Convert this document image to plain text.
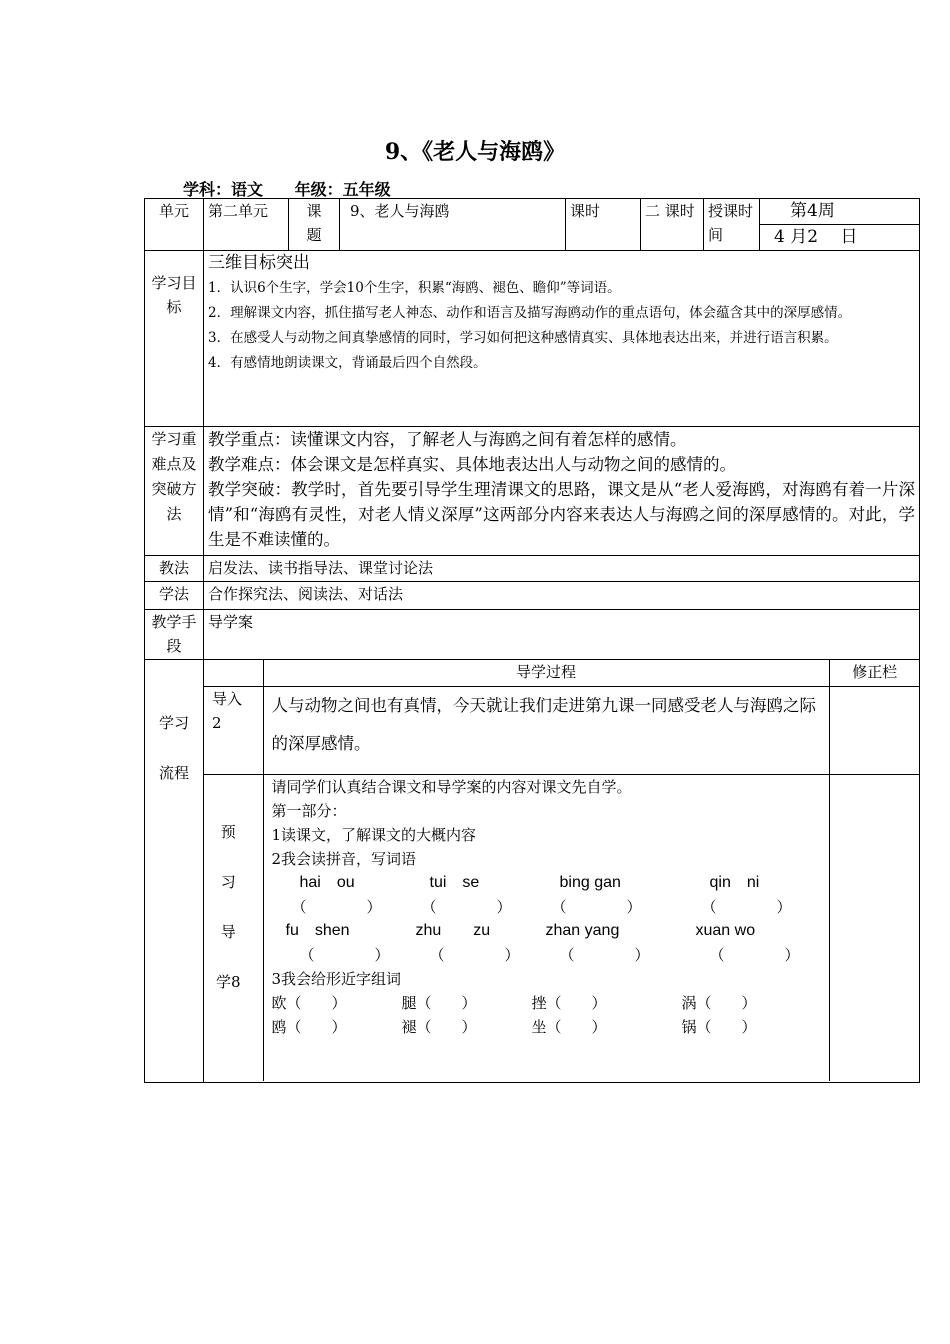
9、《老人与海鸥》
学科：语文 年级：五年级
单元	第二单元	课题	9、老人与海鸥	课时	二 课时	授课时间	
第4周
4 月2　 日

学习目标	
三维目标突出
1．认识6个生字，学会10个生字，积累“海鸥、褪色、瞻仰”等词语。
2．理解课文内容，抓住描写老人神态、动作和语言及描写海鸥动作的重点语句，体会蕴含其中的深厚感情。
3．在感受人与动物之间真挚感情的同时，学习如何把这种感情真实、具体地表达出来，并进行语言积累。
4．有感情地朗读课文，背诵最后四个自然段。

学习重难点及突破方法	
教学重点：读懂课文内容，了解老人与海鸥之间有着怎样的感情。
教学难点：体会课文是怎样真实、具体地表达出人与动物之间的感情的。
教学突破：教学时，首先要引导学生理清课文的思路，课文是从“老人爱海鸥，对海鸥有着一片深情”和“海鸥有灵性，对老人情义深厚”这两部分内容来表达人与海鸥之间的深厚感情的。对此，学生是不难读懂的。

教法	启发法、读书指导法、课堂讨论法
学法	合作探究法、阅读法、对话法
教学手段	导学案
学习流程	
	导学过程	修正栏
导入2	人与动物之间也有真情，今天就让我们走进第九课一同感受老人与海鸥之际的深厚感情。	
预习导学8	
请同学们认真结合课文和导学案的内容对课文先自学。
第一部分：
1读课文，了解课文的大概内容
2我会读拼音，写词语
hai　ou	tui　se	bing gan	qin　ni
（　　　　）	（　　　　）	（　　　　）	（　　　　）
fu　shen	zhu　　zu	zhan yang	xuan wo
（　　　　）	（　　　　）	（　　　　）	（　　　　）
3我会给形近字组词
欧（　　）	腿（　　）	挫（　　）	涡（　　）
鸥（　　）	褪（　　）	坐（　　）	锅（　　）
